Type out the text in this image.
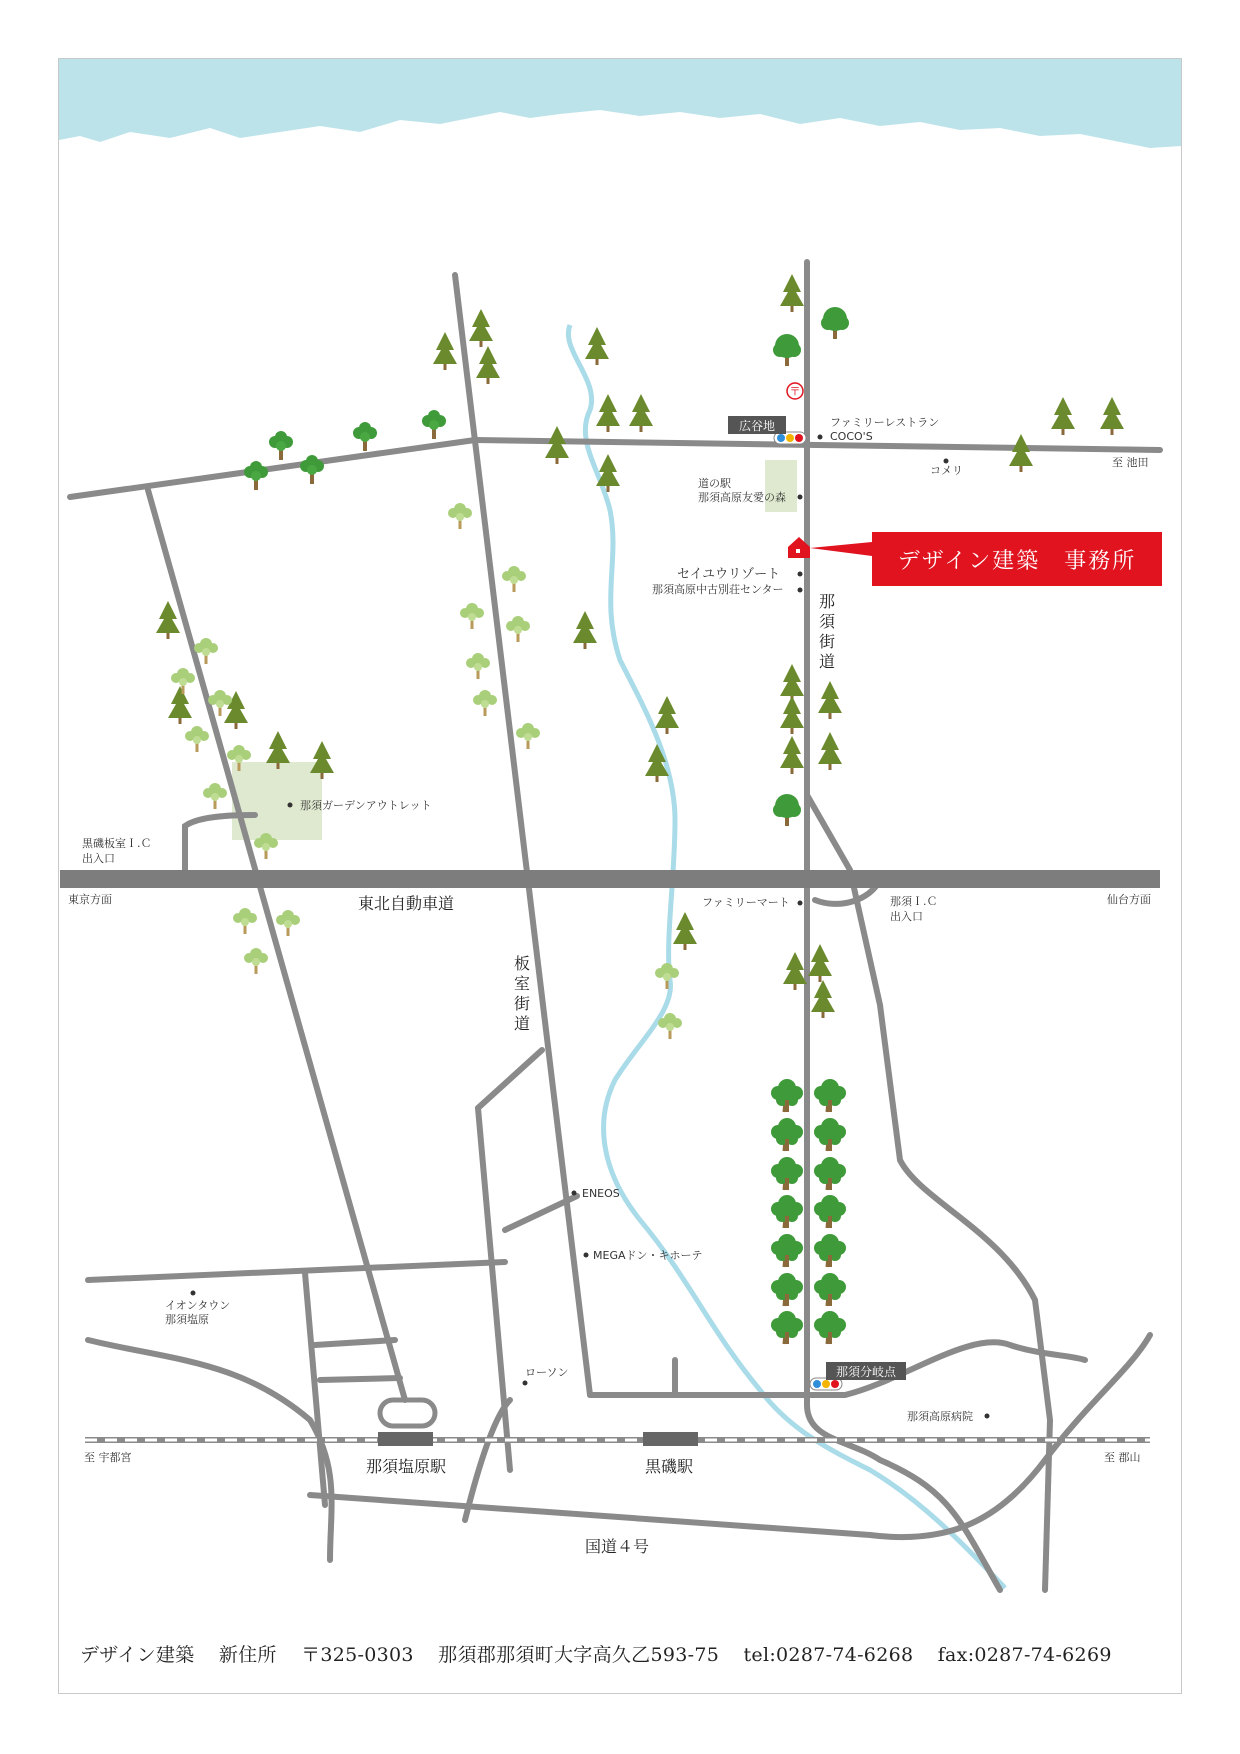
〒
広谷地
那須分岐点
ファミリーレストラン
COCO'S
コメリ
道の駅
那須高原友愛の森
セイユウリゾート
那須高原中古別荘センター
那須ガーデンアウトレット
ファミリーマート
ENEOS
MEGAドン・キホーテ
ローソン
イオンタウン
那須塩原
那須高原病院
至 池田
東京方面	仙台方面
至 宇都宮	至 郡山
黒磯板室Ｉ.Ｃ
出入口
那須Ｉ.Ｃ
出入口
東北自動車道
国道４号
那須塩原駅	黒磯駅
那須街道
板室街道
デザイン建築　事務所
デザイン建築 新住所 〒325-0303 那須郡那須町大字高久乙593-75 tel:0287-74-6268 fax:0287-74-6269
